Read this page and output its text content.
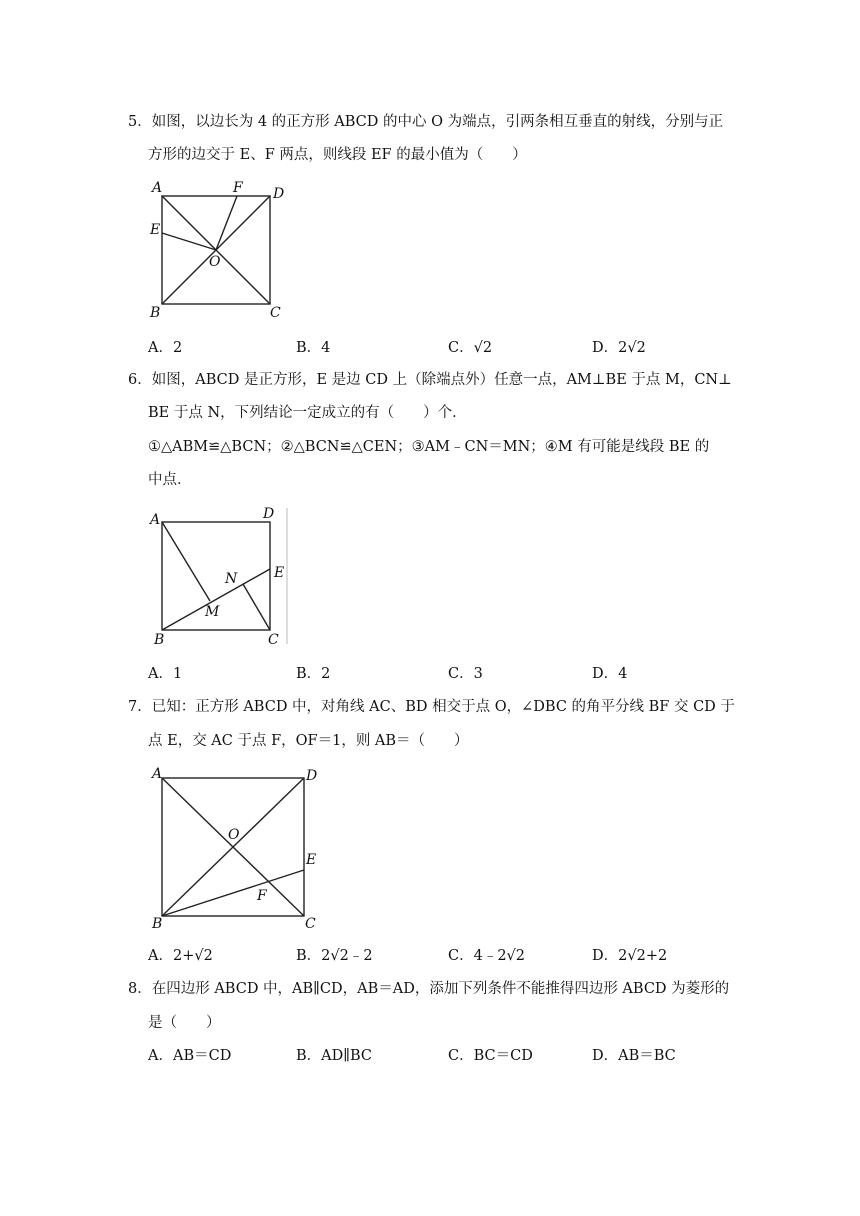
5．如图，以边长为 4 的正方形 ABCD 的中心 O 为端点，引两条相互垂直的射线，分别与正
方形的边交于 E、F 两点，则线段 EF 的最小值为（　　）
A	F D
E
O
B	C
A．2	B．4	C．√2	D．2√2
6．如图，ABCD 是正方形，E 是边 CD 上（除端点外）任意一点，AM⊥BE 于点 M，CN⊥
BE 于点 N，下列结论一定成立的有（　　）个．
①△ABM≌△BCN；②△BCN≌△CEN；③AM﹣CN＝MN；④M 有可能是线段 BE 的
中点．
A	D
N	E
M
B	C
A．1	B．2	C．3	D．4
7．已知：正方形 ABCD 中，对角线 AC、BD 相交于点 O，∠DBC 的角平分线 BF 交 CD 于
点 E，交 AC 于点 F，OF＝1，则 AB＝（　　）
A	D
O
E
F
B	C
A．2+√2	B．2√2﹣2	C．4﹣2√2	D．2√2+2
8．在四边形 ABCD 中，AB∥CD，AB＝AD，添加下列条件不能推得四边形 ABCD 为菱形的
是（　　）
A．AB＝CD	B．AD∥BC	C．BC＝CD	D．AB＝BC
